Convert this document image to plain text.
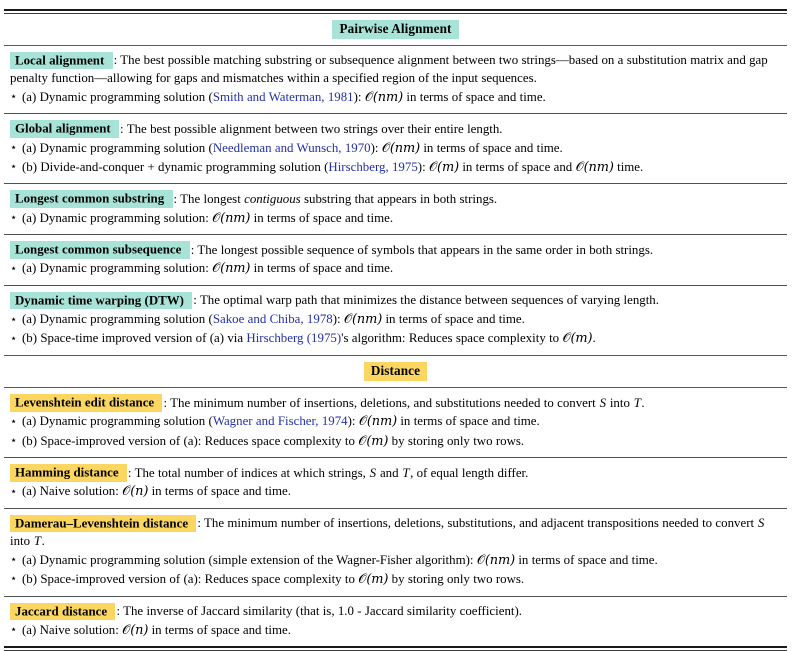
Pairwise Alignment

Local alignment : The best possible matching substring or subsequence alignment between two strings—based on a substitution matrix and gap penalty function—allowing for gaps and mismatches within a specified region of the input sequences.

⋆ (a) Dynamic programming solution (Smith and Waterman, 1981): 𝒪(nm) in terms of space and time.

Global alignment : The best possible alignment between two strings over their entire length.

⋆ (a) Dynamic programming solution (Needleman and Wunsch, 1970): 𝒪(nm) in terms of space and time.

⋆ (b) Divide-and-conquer + dynamic programming solution (Hirschberg, 1975): 𝒪(m) in terms of space and 𝒪(nm) time.

Longest common substring : The longest contiguous substring that appears in both strings.

⋆ (a) Dynamic programming solution: 𝒪(nm) in terms of space and time.

Longest common subsequence : The longest possible sequence of symbols that appears in the same order in both strings.

⋆ (a) Dynamic programming solution: 𝒪(nm) in terms of space and time.

Dynamic time warping (DTW) : The optimal warp path that minimizes the distance between sequences of varying length.

⋆ (a) Dynamic programming solution (Sakoe and Chiba, 1978): 𝒪(nm) in terms of space and time.

⋆ (b) Space-time improved version of (a) via Hirschberg (1975)'s algorithm: Reduces space complexity to 𝒪(m).

Distance

Levenshtein edit distance : The minimum number of insertions, deletions, and substitutions needed to convert S into T.

⋆ (a) Dynamic programming solution (Wagner and Fischer, 1974): 𝒪(nm) in terms of space and time.

⋆ (b) Space-improved version of (a): Reduces space complexity to 𝒪(m) by storing only two rows.

Hamming distance : The total number of indices at which strings, S and T, of equal length differ.

⋆ (a) Naive solution: 𝒪(n) in terms of space and time.

Damerau–Levenshtein distance : The minimum number of insertions, deletions, substitutions, and adjacent transpositions needed to convert S into T.

⋆ (a) Dynamic programming solution (simple extension of the Wagner-Fisher algorithm): 𝒪(nm) in terms of space and time.

⋆ (b) Space-improved version of (a): Reduces space complexity to 𝒪(m) by storing only two rows.

Jaccard distance : The inverse of Jaccard similarity (that is, 1.0 - Jaccard similarity coefficient).

⋆ (a) Naive solution: 𝒪(n) in terms of space and time.
